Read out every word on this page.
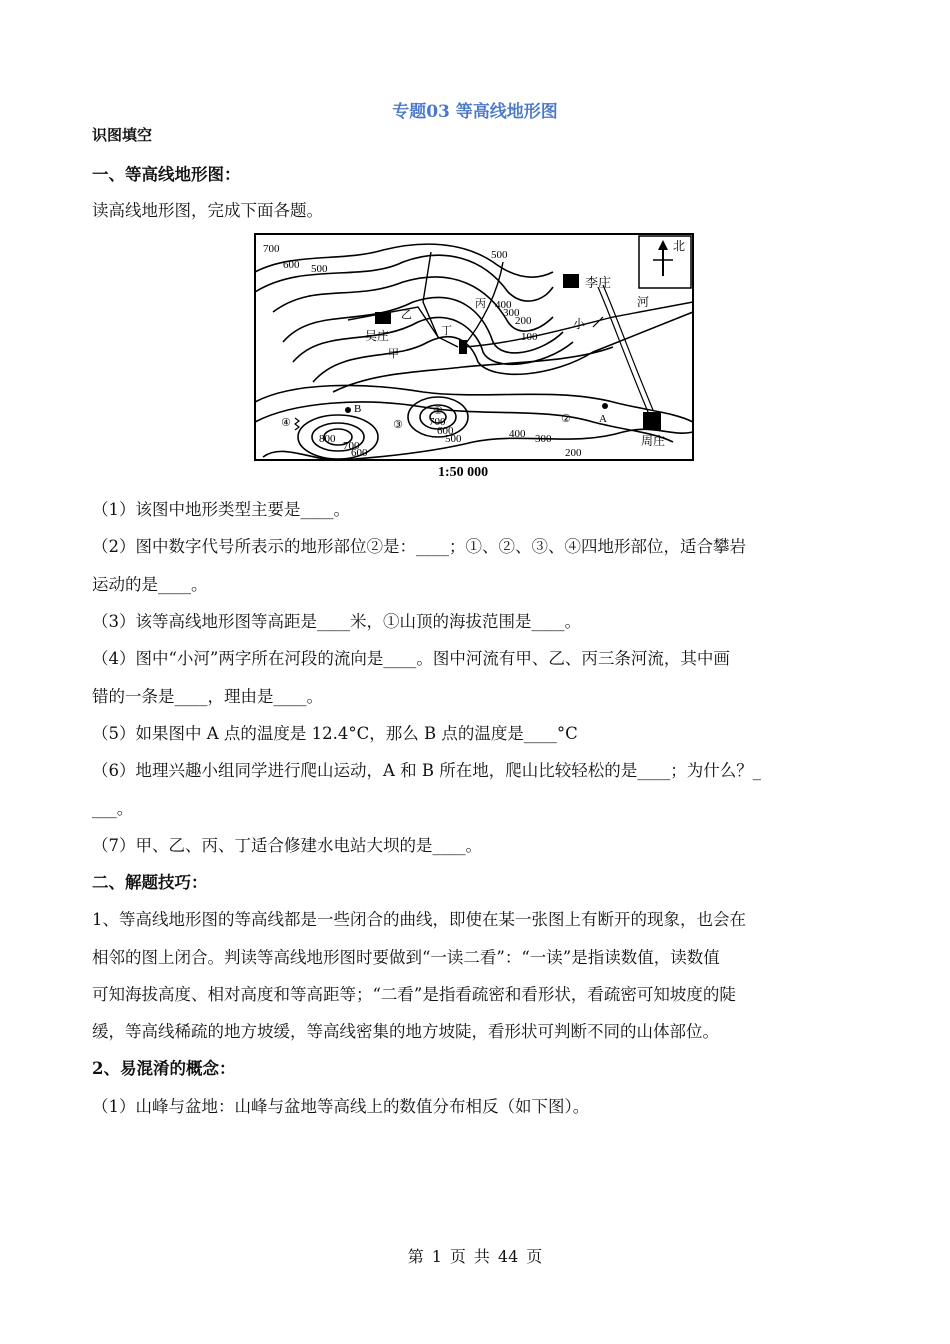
专题03 等高线地形图
识图填空
一、等高线地形图：
读高线地形图，完成下面各题。
北
李庄
吴庄
周庄
小
河
甲
乙
丙
丁
700
600 500
500
400
300
200
100
800
700
600
700
600
500	400 300
200
B
A
①
②
③
④
1:50 000
（1）该图中地形类型主要是____。
（2）图中数字代号所表示的地形部位②是：____；①、②、③、④四地形部位，适合攀岩
运动的是____。
（3）该等高线地形图等高距是____米，①山顶的海拔范围是____。
（4）图中“小河”两字所在河段的流向是____。图中河流有甲、乙、丙三条河流，其中画
错的一条是____，理由是____。
（5）如果图中 A 点的温度是 12.4°C，那么 B 点的温度是____°C
（6）地理兴趣小组同学进行爬山运动，A 和 B 所在地，爬山比较轻松的是____；为什么？_
___。
（7）甲、乙、丙、丁适合修建水电站大坝的是____。
二、解题技巧：
1、等高线地形图的等高线都是一些闭合的曲线，即使在某一张图上有断开的现象，也会在
相邻的图上闭合。判读等高线地形图时要做到“一读二看”：“一读”是指读数值，读数值
可知海拔高度、相对高度和等高距等；“二看”是指看疏密和看形状，看疏密可知坡度的陡
缓，等高线稀疏的地方坡缓，等高线密集的地方坡陡，看形状可判断不同的山体部位。
2、易混淆的概念：
（1）山峰与盆地：山峰与盆地等高线上的数值分布相反（如下图）。
第 1 页 共 44 页
